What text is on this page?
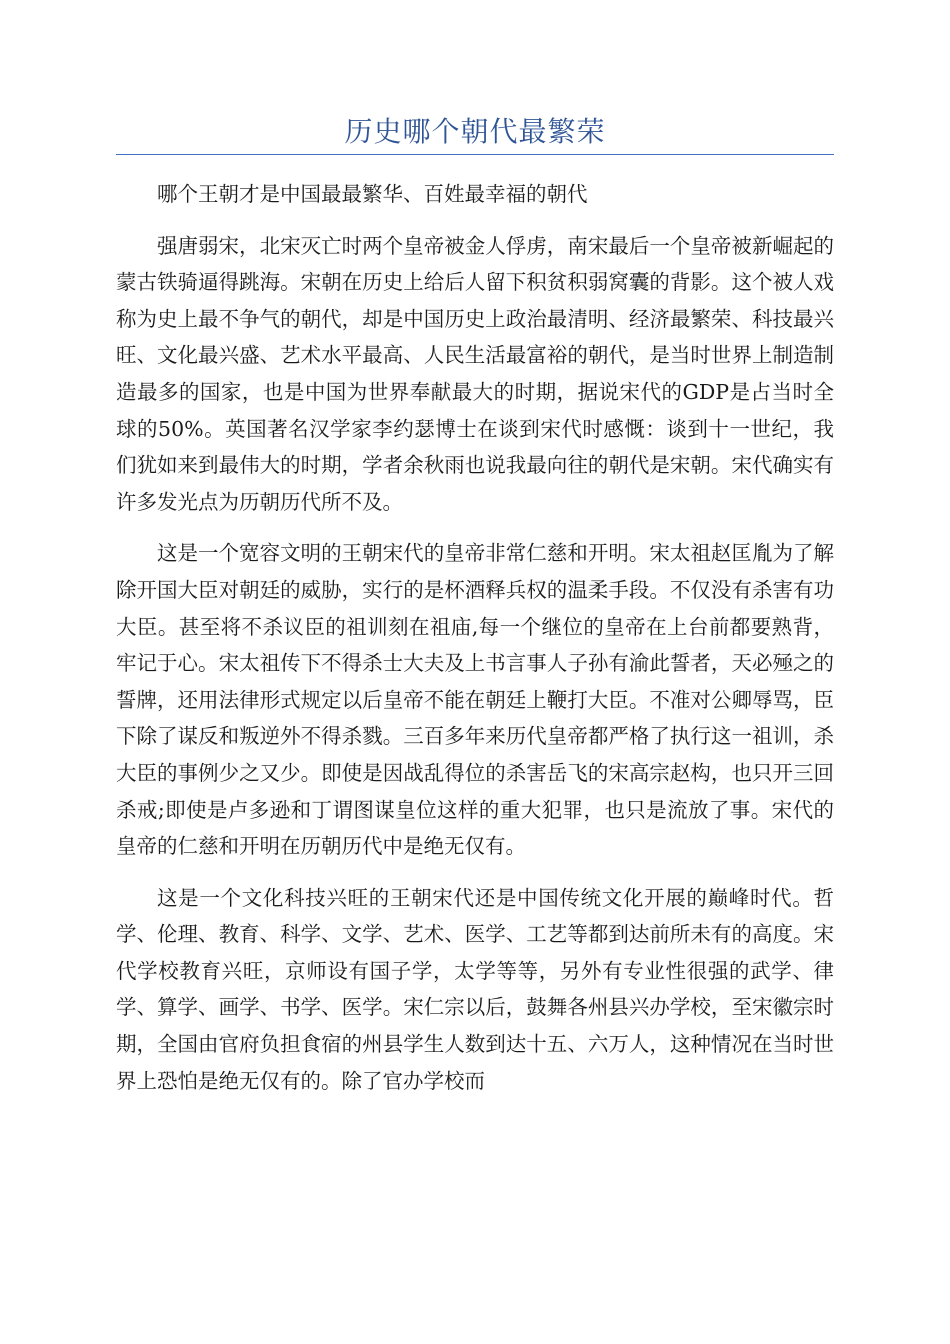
历史哪个朝代最繁荣

哪个王朝才是中国最最繁华、百姓最幸福的朝代

强唐弱宋，北宋灭亡时两个皇帝被金人俘虏，南宋最后一个皇帝被新崛起的蒙古铁骑逼得跳海。宋朝在历史上给后人留下积贫积弱窝囊的背影。这个被人戏称为史上最不争气的朝代，却是中国历史上政治最清明、经济最繁荣、科技最兴旺、文化最兴盛、艺术水平最高、人民生活最富裕的朝代，是当时世界上制造制造最多的国家，也是中国为世界奉献最大的时期，据说宋代的GDP是占当时全球的50%。英国著名汉学家李约瑟博士在谈到宋代时感慨：谈到十一世纪，我们犹如来到最伟大的时期，学者余秋雨也说我最向往的朝代是宋朝。宋代确实有许多发光点为历朝历代所不及。

这是一个宽容文明的王朝宋代的皇帝非常仁慈和开明。宋太祖赵匡胤为了解除开国大臣对朝廷的威胁，实行的是杯酒释兵权的温柔手段。不仅没有杀害有功大臣。甚至将不杀议臣的祖训刻在祖庙,每一个继位的皇帝在上台前都要熟背，牢记于心。宋太祖传下不得杀士大夫及上书言事人子孙有渝此誓者，天必殛之的誓牌，还用法律形式规定以后皇帝不能在朝廷上鞭打大臣。不准对公卿辱骂，臣下除了谋反和叛逆外不得杀戮。三百多年来历代皇帝都严格了执行这一祖训，杀大臣的事例少之又少。即使是因战乱得位的杀害岳飞的宋高宗赵构，也只开三回杀戒;即使是卢多逊和丁谓图谋皇位这样的重大犯罪，也只是流放了事。宋代的皇帝的仁慈和开明在历朝历代中是绝无仅有。

这是一个文化科技兴旺的王朝宋代还是中国传统文化开展的巅峰时代。哲学、伦理、教育、科学、文学、艺术、医学、工艺等都到达前所未有的高度。宋代学校教育兴旺，京师设有国子学，太学等等，另外有专业性很强的武学、律学、算学、画学、书学、医学。宋仁宗以后，鼓舞各州县兴办学校，至宋徽宗时期，全国由官府负担食宿的州县学生人数到达十五、六万人，这种情况在当时世界上恐怕是绝无仅有的。除了官办学校而
